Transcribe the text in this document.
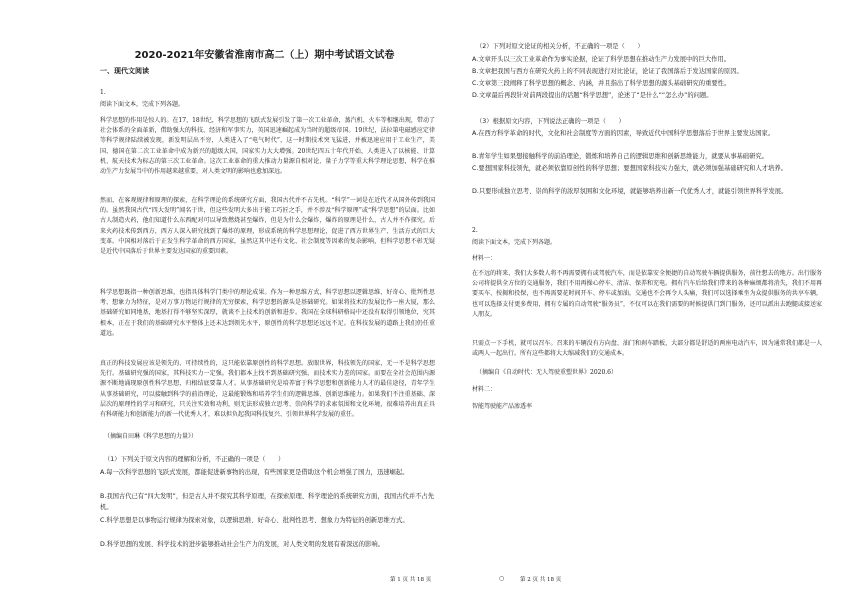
2020-2021年安徽省淮南市高二（上）期中考试语文试卷
一、现代文阅读

1.

阅读下面文本，完成下列各题。

科学思想的作用是惊人的。在17、18世纪，科学思想的飞跃式发展引发了第一次工业革命，蒸汽机、火车等相继出现，带动了社会体系的全面革新，借助强大的科技、经济和军事实力，英国迅速崛起成为当时的超级帝国。19世纪，法拉第电磁感应定律等科学规律陆续被发现，新发明层出不穷，人类进入了“电气时代”，这一时期技术突飞猛进，并被迅速应用于工业生产，美国、德国在第二次工业革命中成为新兴的超级大国，国家实力大大增强。20世纪四五十年代开始，人类进入了以核能、计算机、航天技术为标志的第三次工业革命。这次工业革命的重大推动力量源自相对论、量子力学等重大科学理论思想，科学在推动生产力发展当中的作用越来越重要，对人类文明的影响也愈加深远。

然而，在客观规律和原理的探索，在科学理论的系统研究方面，我国古代并不占先机。“科学”一词是在近代才从国外传到我国的。虽然我国古代“四大发明”闻名于世，但这些发明大多出于能工巧匠之手，并不涉及“科学原理”或“科学思想”的层面。比如古人制造火药，他们知道什么东西配对可以导致燃烧甚至爆炸，但是为什么会爆炸，爆炸的原理是什么，古人并不作探究。后来火药技术传到西方，西方人深入研究找到了爆炸的原理，形成系统的科学思想理论，促进了西方世界生产、生活方式的巨大变革。中国相对落后于正发生科学革命的西方国家，虽然这其中还有文化、社会制度等因素的复杂影响，但科学思想不彰无疑是近代中国落后于世界主要发达国家的重要因素。

科学思想既指一种创新思维，也指具体科学门类中的理论成果。作为一种思维方式，科学思想以逻辑思维、好奇心、批判性思考、想象力为特征，是对万事万物运行规律的无穷探索，科学思想的源头是基础研究。如果将技术的发展比作一座大厦，那么基础研究如同地基，地基打得不够坚实深厚，就谈不上技术的创新和进步。我国在全球科研格局中还没有取得引领地位，究其根本，正在于我们的基础研究水平整体上还未达到领先水平，原创性的科学思想还远远不足。在科技发展的道路上我们仍任重道远。

真正的科技发展应该是领先的、可持续性的，这只能依靠原创性的科学思想。放眼世界，科技领先的国家，无一不是科学思想先行。基础研究强的国家，其科技实力一定强。我们都本上找不到基础研究强，而技术实力差的国家。而要在全社会范围内源源不断地涌现原创性科学思想，归根结底要靠人才。从事基础研究是培养富于科学思想和创新能力人才的最佳途径，青年学生从事基础研究，可以接触到科学的前沿理论，这最能锻炼和培养学生们的逻辑思维、创新思维能力。如果我们不注重基础、深层次的原理性的学习和研究，只关注实效和功利，则无法形成独立思考、崇尚科学的求索氛围和文化环境，很难培养出真正具有科研能力和创新能力的新一代优秀人才，难以担负起我国科技复兴、引领世界科学发展的重任。

（摘编自田琳《科学思想的力量》）

（1）下列关于原文内容的理解和分析，不正确的一项是（　　）

A.每一次科学思想的飞跃式发展，都能促进新事物的出现，有些国家更是借助这个机会增强了国力，迅速崛起。

B.我国古代已有“四大发明”，但是古人并不探究其科学原理，在探索原理、科学理论的系统研究方面，我国古代并不占先机。

C.科学思想是以事物运行规律为探索对象，以逻辑思维、好奇心、批判性思考、想象力为特征的创新思维方式。

D.科学思想的发展、科学技术的进步能够推动社会生产力的发展，对人类文明的发展有着深远的影响。

（2）下列对原文论证的相关分析，不正确的一项是（　　）

A.文章开头以三次工业革命作为事实论据，论证了科学思想在推动生产力发展中的巨大作用。

B.文章把我国与西方在研究火药上的不同表现进行对比论证，论证了我国落后于发达国家的原因。

C.文章第三段阐释了科学思想的概念、内涵，并且指出了科学思想的源头基础研究的重要性。

D.文章最后再段针对前两段提出的话题“科学思想”，论述了“是什么”“怎么办”的问题。

（3）根据原文内容，下列说法正确的一项是（　　）

A.在西方科学革命的时代，文化和社会制度等方面的因素，导致近代中国科学思想落后于世界主要发达国家。

B.青年学生如果想接触科学的前沿理论，锻炼和培养自己的逻辑思维和创新思维能力，就要从事基础研究。

C.要想国家科技领先，就必须依靠原创性的科学思想；要想国家科技实力强大，就必须加强基础研究和人才培养。

D.只要形成独立思考、崇尚科学的浓厚氛围和文化环境，就能够培养出新一代优秀人才，就能引领世界科学发展。

2.

阅读下面文本，完成下列各题。

材料一：

在不远的将来，我们大多数人将不再需要拥有或驾驶汽车，而是依靠安全便捷的自动驾驶车辆提供服务，前往想去的地方。出行服务公司将提供全方位的交通服务，我们不用再操心停车、清洁、保养和充电。拥有汽车后给我们带来的各种麻烦都将消失，我们不用再要买车、按揭和投保，也不再需要花时间开车、停车或加油。交通也不会再令人头痛，我们可以选择乘坐为众提供服务的共享车辆，也可以选择支付更多费用，拥有专属的自动驾驶“服务员”，不仅可以在我们需要的时候提供门到门服务，还可以派出去跑腿或接送家人朋友。

只需点一下手机，就可以召车。召来的车辆没有方向盘、油门和刹车踏板，大部分都是舒适的两座电动汽车，因为通常我们都是一人或两人一起出行。所有这些都将大大缩减我们的交通成本。

（摘编自《自动时代：无人驾驶重塑世界》2020.6）

材料二：

智能驾驶能产品渗透率

第 1 页 共 18 页	○	第 2 页 共 18 页
